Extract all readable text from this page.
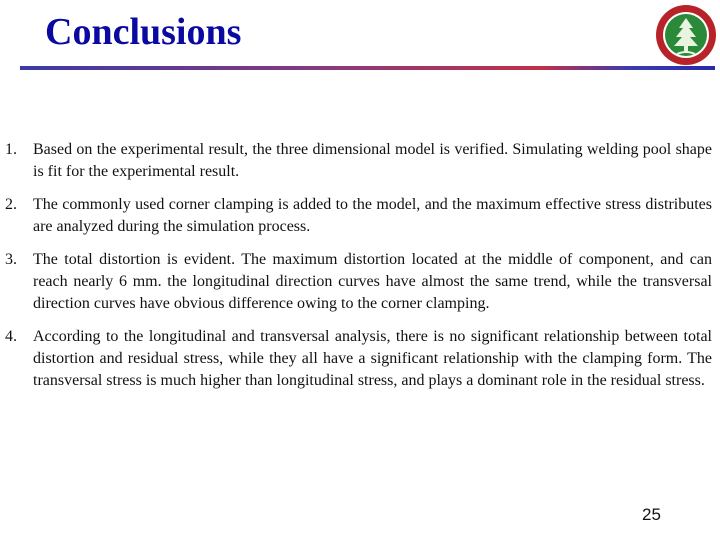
Conclusions
1. Based on the experimental result, the three dimensional model is verified. Simulating welding pool shape is fit for the experimental result.
2. The commonly used corner clamping is added to the model, and the maximum effective stress distributes are analyzed during the simulation process.
3. The total distortion is evident. The maximum distortion located at the middle of component, and can reach nearly 6 mm. the longitudinal direction curves have almost the same trend, while the transversal direction curves have obvious difference owing to the corner clamping.
4. According to the longitudinal and transversal analysis, there is no significant relationship between total distortion and residual stress, while they all have a significant relationship with the clamping form. The transversal stress is much higher than longitudinal stress, and plays a dominant role in the residual stress.
25
